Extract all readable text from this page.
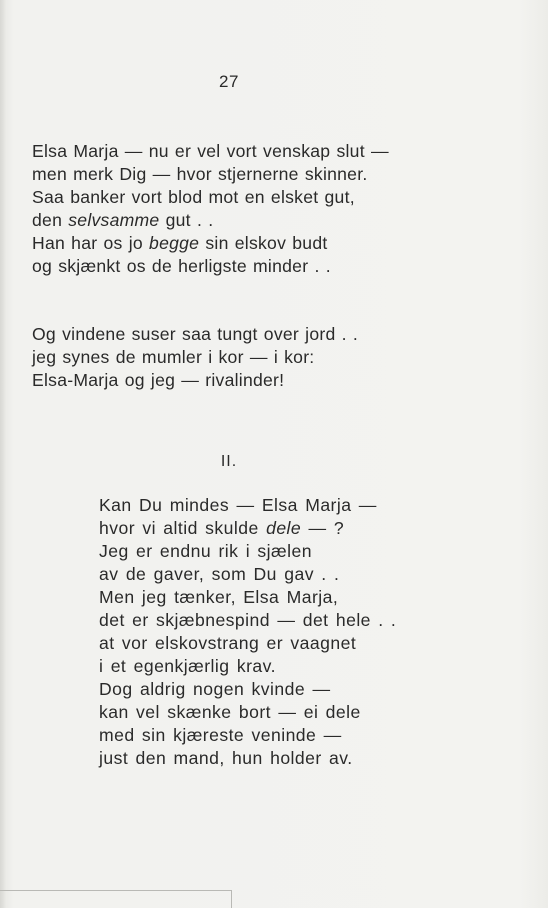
27
Elsa Marja — nu er vel vort venskap slut —
men merk Dig — hvor stjernerne skinner.
Saa banker vort blod mot en elsket gut,
den selvsamme gut . .
Han har os jo begge sin elskov budt
og skjænkt os de herligste minder . .
Og vindene suser saa tungt over jord . .
jeg synes de mumler i kor — i kor:
Elsa-Marja og jeg — rivalinder!
II.
Kan Du mindes — Elsa Marja —
hvor vi altid skulde dele — ?
Jeg er endnu rik i sjælen
av de gaver, som Du gav . .
Men jeg tænker, Elsa Marja,
det er skjæbnespind — det hele . .
at vor elskovstrang er vaagnet
i et egenkjærlig krav.
Dog aldrig nogen kvinde —
kan vel skænke bort — ei dele
med sin kjæreste veninde —
just den mand, hun holder av.
